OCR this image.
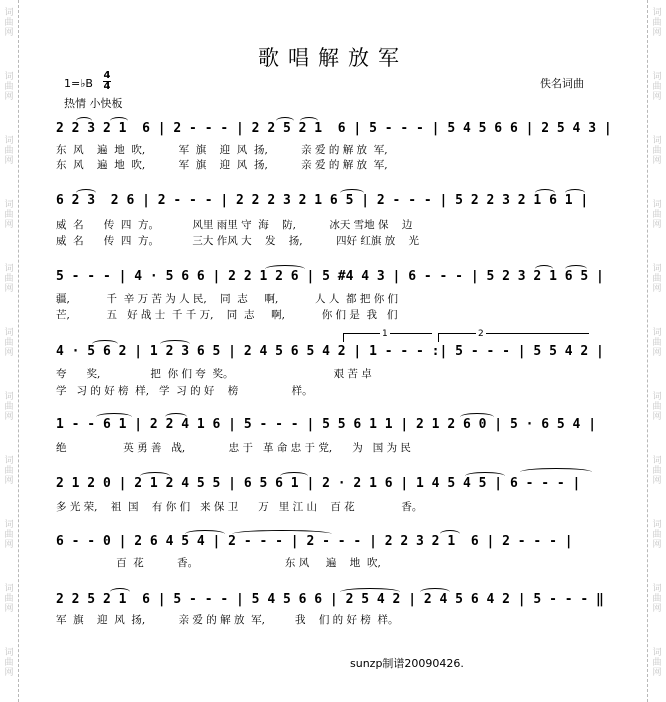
词
曲
网
词
曲
网
词
曲
网
词
曲
网
词
曲
网
词
曲
网
词
曲
网
词
曲
网
词
曲
网
词
曲
网
词
曲
网
词
曲
网
词
曲
网
词
曲
网
词
曲
网
词
曲
网
词
曲
网
词
曲
网
词
曲
网
词
曲
网
词
曲
网
词
曲
网
歌唱解放军
1=♭B
4
4	佚名词曲
热情 小快板
2 2 3 2 1  6 | 2 - - - | 2 2 5 2 1  6 | 5 - - - | 5 4 5 6 6 | 2 5 4 3 |
东  风    遍  地  吹,          军  旗    迎  风  扬,          亲 爱 的 解 放  军,
东  风    遍  地  吹,          军  旗    迎  风  扬,          亲 爱 的 解 放  军,
6 2 3  2 6 | 2 - - - | 2 2 2 3 2 1 6 5 | 2 - - - | 5 2 2 3 2 1 6 1 |
威  名      传  四  方。          风里 雨里 守  海    防,          冰天 雪地 保    边
威  名      传  四  方。          三大 作风 大    发    扬,          四好 红旗 放    光
5 - - - | 4 · 5 6 6 | 2 2 1 2 6 | 5 #4 4 3 | 6 - - - | 5 2 3 2 1 6 5 |
疆,           千  辛 万 苦 为 人 民,    同  志     啊,           人 人  都 把 你 们
芒,           五   好 战 士  千 千 万,    同  志     啊,           你 们 是  我   们
1	2
4 · 5 6 2 | 1 2 3 6 5 | 2 4 5 6 5 4 2 | 1 - - - :| 5 - - - | 5 5 4 2 |
夸      奖,               把  你 们 夸  奖。                              艰 苦 卓
学   习 的 好 榜  样,   学  习 的 好    榜                样。
1 - - 6 1 | 2 2 4 1 6 | 5 - - - | 5 5 6 1 1 | 2 1 2 6 0 | 5 · 6 5 4 |
绝                 英 勇 善   战,             忠 于   革 命 忠 于 党,      为   国 为 民
2 1 2 0 | 2 1 2 4 5 5 | 6 5 6 1 | 2 · 2 1 6 | 1 4 5 4 5 | 6 - - - |
多 光 荣,    祖  国    有 你 们   来 保 卫      万   里 江 山    百 花              香。
6 - - 0 | 2 6 4 5 4 | 2 - - - | 2 - - - | 2 2 3 2 1  6 | 2 - - - |
百  花          香。                          东 风     遍    地  吹,
2 2 5 2 1  6 | 5 - - - | 5 4 5 6 6 | 2 5 4 2 | 2 4 5 6 4 2 | 5 - - - ‖
军  旗    迎  风  扬,          亲 爱 的 解 放  军,         我    们 的 好 榜  样。
sunzp制谱20090426.
